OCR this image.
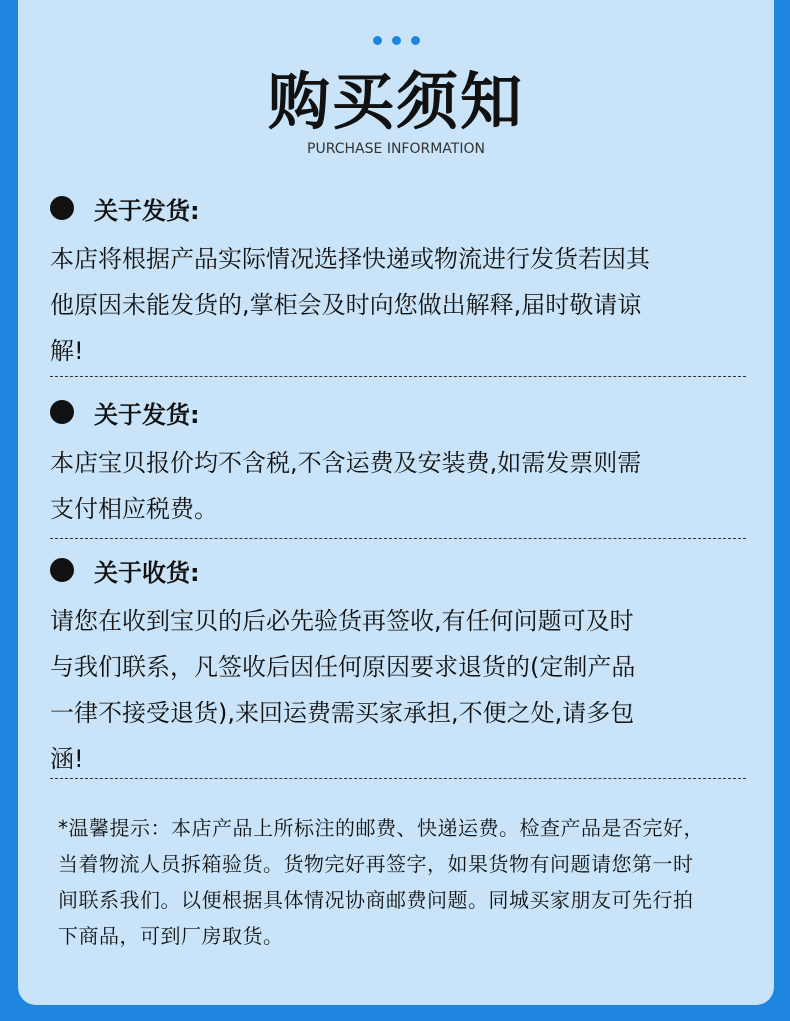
购买须知
PURCHASE INFORMATION
关于发货:
本店将根据产品实际情况选择快递或物流进行发货若因其
他原因未能发货的,掌柜会及时向您做出解释,届时敬请谅
解!
关于发货:
本店宝贝报价均不含税,不含运费及安装费,如需发票则需
支付相应税费。
关于收货:
请您在收到宝贝的后必先验货再签收,有任何问题可及时
与我们联系，凡签收后因任何原因要求退货的(定制产品
一律不接受退货),来回运费需买家承担,不便之处,请多包
涵!
*温馨提示：本店产品上所标注的邮费、快递运费。检查产品是否完好，
当着物流人员拆箱验货。货物完好再签字，如果货物有问题请您第一时
间联系我们。以便根据具体情况协商邮费问题。同城买家朋友可先行拍
下商品，可到厂房取货。
